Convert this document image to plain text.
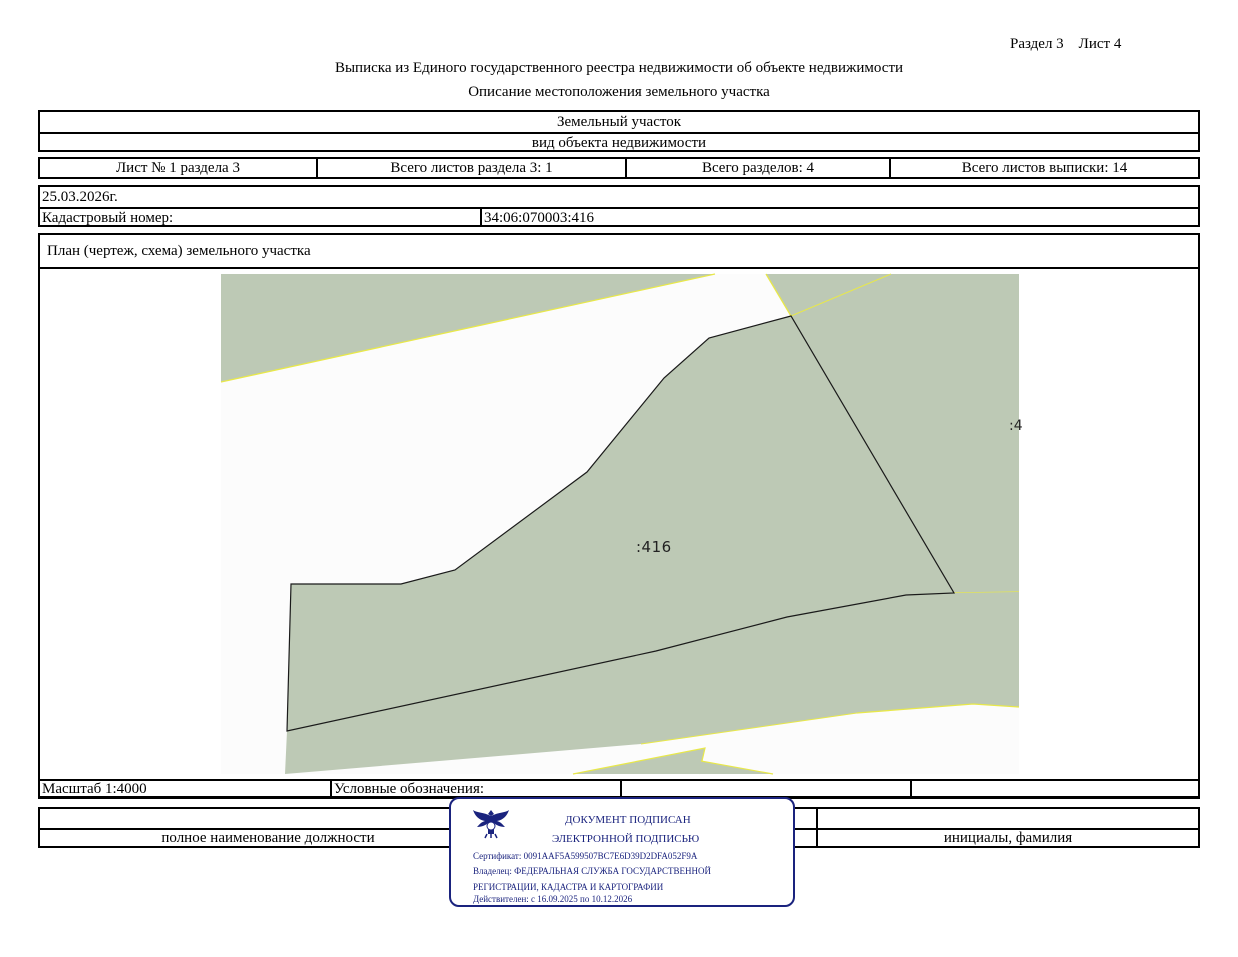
Раздел 3    Лист 4
Выписка из Единого государственного реестра недвижимости об объекте недвижимости
Описание местоположения земельного участка
Земельный участок
вид объекта недвижимости
Лист № 1 раздела 3	Всего листов раздела 3: 1	Всего разделов: 4	Всего листов выписки: 14
25.03.2026г.
Кадастровый номер:	34:06:070003:416
План (чертеж, схема) земельного участка
:416
:4
Масштаб 1:4000	Условные обозначения:
полное наименование должности	инициалы, фамилия
ДОКУМЕНТ ПОДПИСАН
ЭЛЕКТРОННОЙ ПОДПИСЬЮ
Сертификат: 0091AAF5A599507BC7E6D39D2DFA052F9A
Владелец: ФЕДЕРАЛЬНАЯ СЛУЖБА ГОСУДАРСТВЕННОЙ
РЕГИСТРАЦИИ, КАДАСТРА И КАРТОГРАФИИ
Действителен: с 16.09.2025 по 10.12.2026
